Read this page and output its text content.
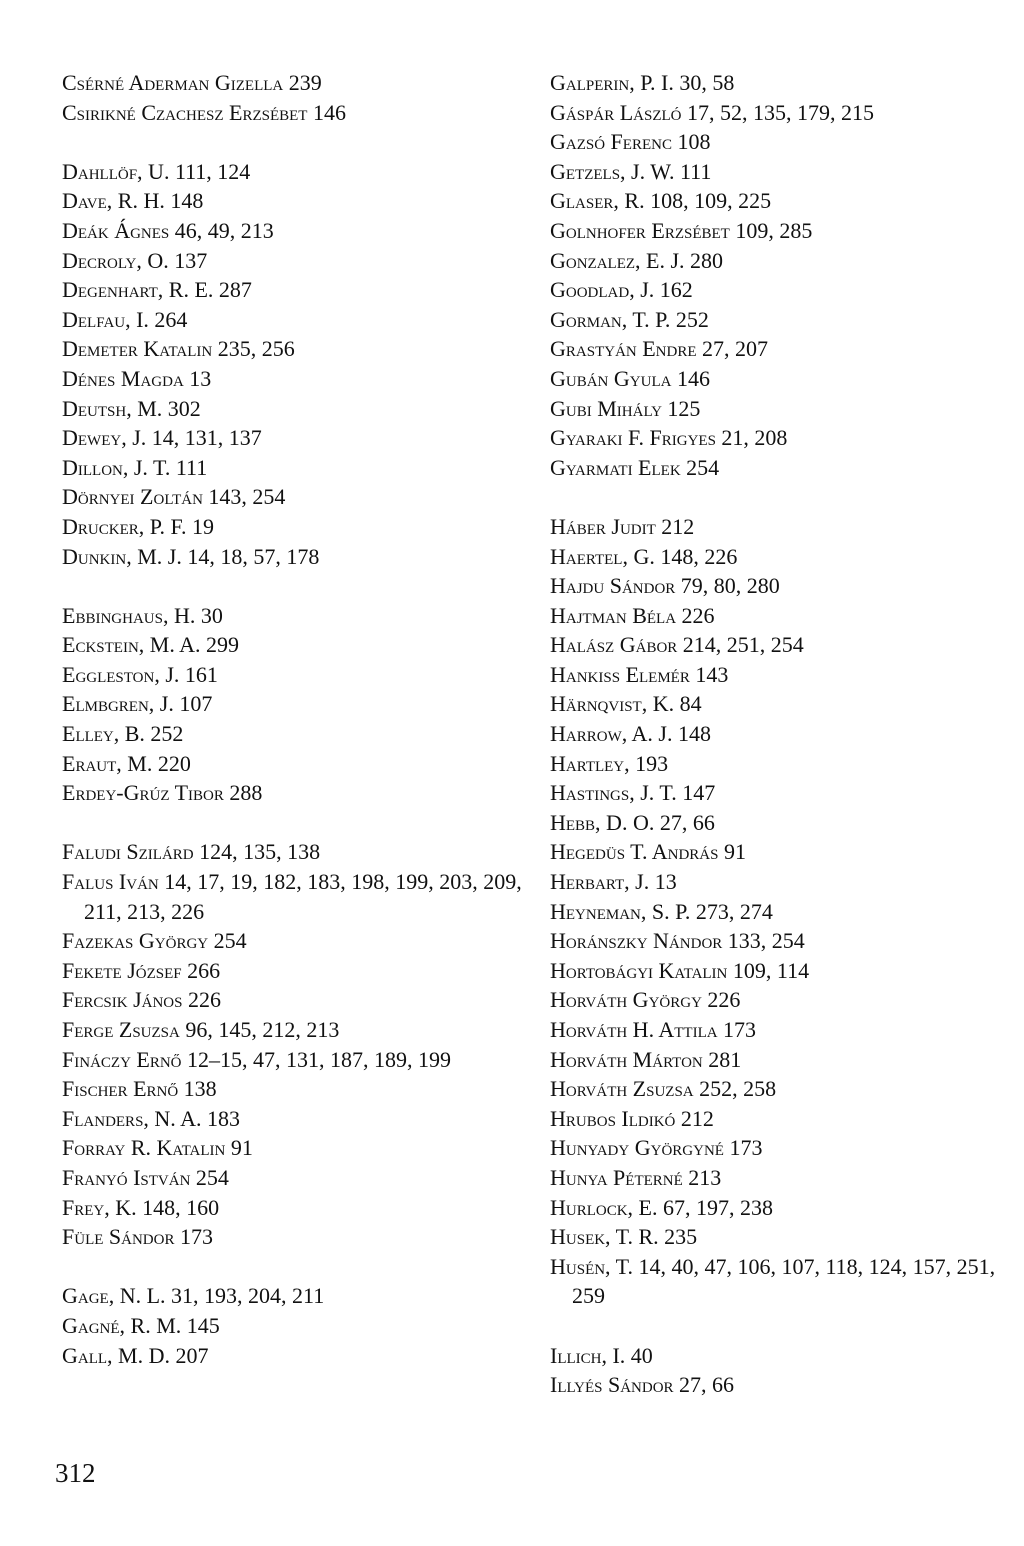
Csérné Aderman Gizella 239
Csirikné Czachesz Erzsébet 146
Dahllöf, U. 111, 124
Dave, R. H. 148
Deák Ágnes 46, 49, 213
Decroly, O. 137
Degenhart, R. E. 287
Delfau, I. 264
Demeter Katalin 235, 256
Dénes Magda 13
Deutsh, M. 302
Dewey, J. 14, 131, 137
Dillon, J. T. 111
Dörnyei Zoltán 143, 254
Drucker, P. F. 19
Dunkin, M. J. 14, 18, 57, 178
Ebbinghaus, H. 30
Eckstein, M. A. 299
Eggleston, J. 161
Elmbgren, J. 107
Elley, B. 252
Eraut, M. 220
Erdey-Grúz Tibor 288
Faludi Szilárd 124, 135, 138
Falus Iván 14, 17, 19, 182, 183, 198, 199, 203, 209, 211, 213, 226
Fazekas György 254
Fekete József 266
Fercsik János 226
Ferge Zsuzsa 96, 145, 212, 213
Fináczy Ernő 12–15, 47, 131, 187, 189, 199
Fischer Ernő 138
Flanders, N. A. 183
Forray R. Katalin 91
Franyó István 254
Frey, K. 148, 160
Füle Sándor 173
Gage, N. L. 31, 193, 204, 211
Gagné, R. M. 145
Gall, M. D. 207
Galperin, P. I. 30, 58
Gáspár László 17, 52, 135, 179, 215
Gazsó Ferenc 108
Getzels, J. W. 111
Glaser, R. 108, 109, 225
Golnhofer Erzsébet 109, 285
Gonzalez, E. J. 280
Goodlad, J. 162
Gorman, T. P. 252
Grastyán Endre 27, 207
Gubán Gyula 146
Gubi Mihály 125
Gyaraki F. Frigyes 21, 208
Gyarmati Elek 254
Háber Judit 212
Haertel, G. 148, 226
Hajdu Sándor 79, 80, 280
Hajtman Béla 226
Halász Gábor 214, 251, 254
Hankiss Elemér 143
Härnqvist, K. 84
Harrow, A. J. 148
Hartley, 193
Hastings, J. T. 147
Hebb, D. O. 27, 66
Hegedüs T. András 91
Herbart, J. 13
Heyneman, S. P. 273, 274
Horánszky Nándor 133, 254
Hortobágyi Katalin 109, 114
Horváth György 226
Horváth H. Attila 173
Horváth Márton 281
Horváth Zsuzsa 252, 258
Hrubos Ildikó 212
Hunyady Györgyné 173
Hunya Péterné 213
Hurlock, E. 67, 197, 238
Husek, T. R. 235
Husén, T. 14, 40, 47, 106, 107, 118, 124, 157, 251, 259
Illich, I. 40
Illyés Sándor 27, 66
312
